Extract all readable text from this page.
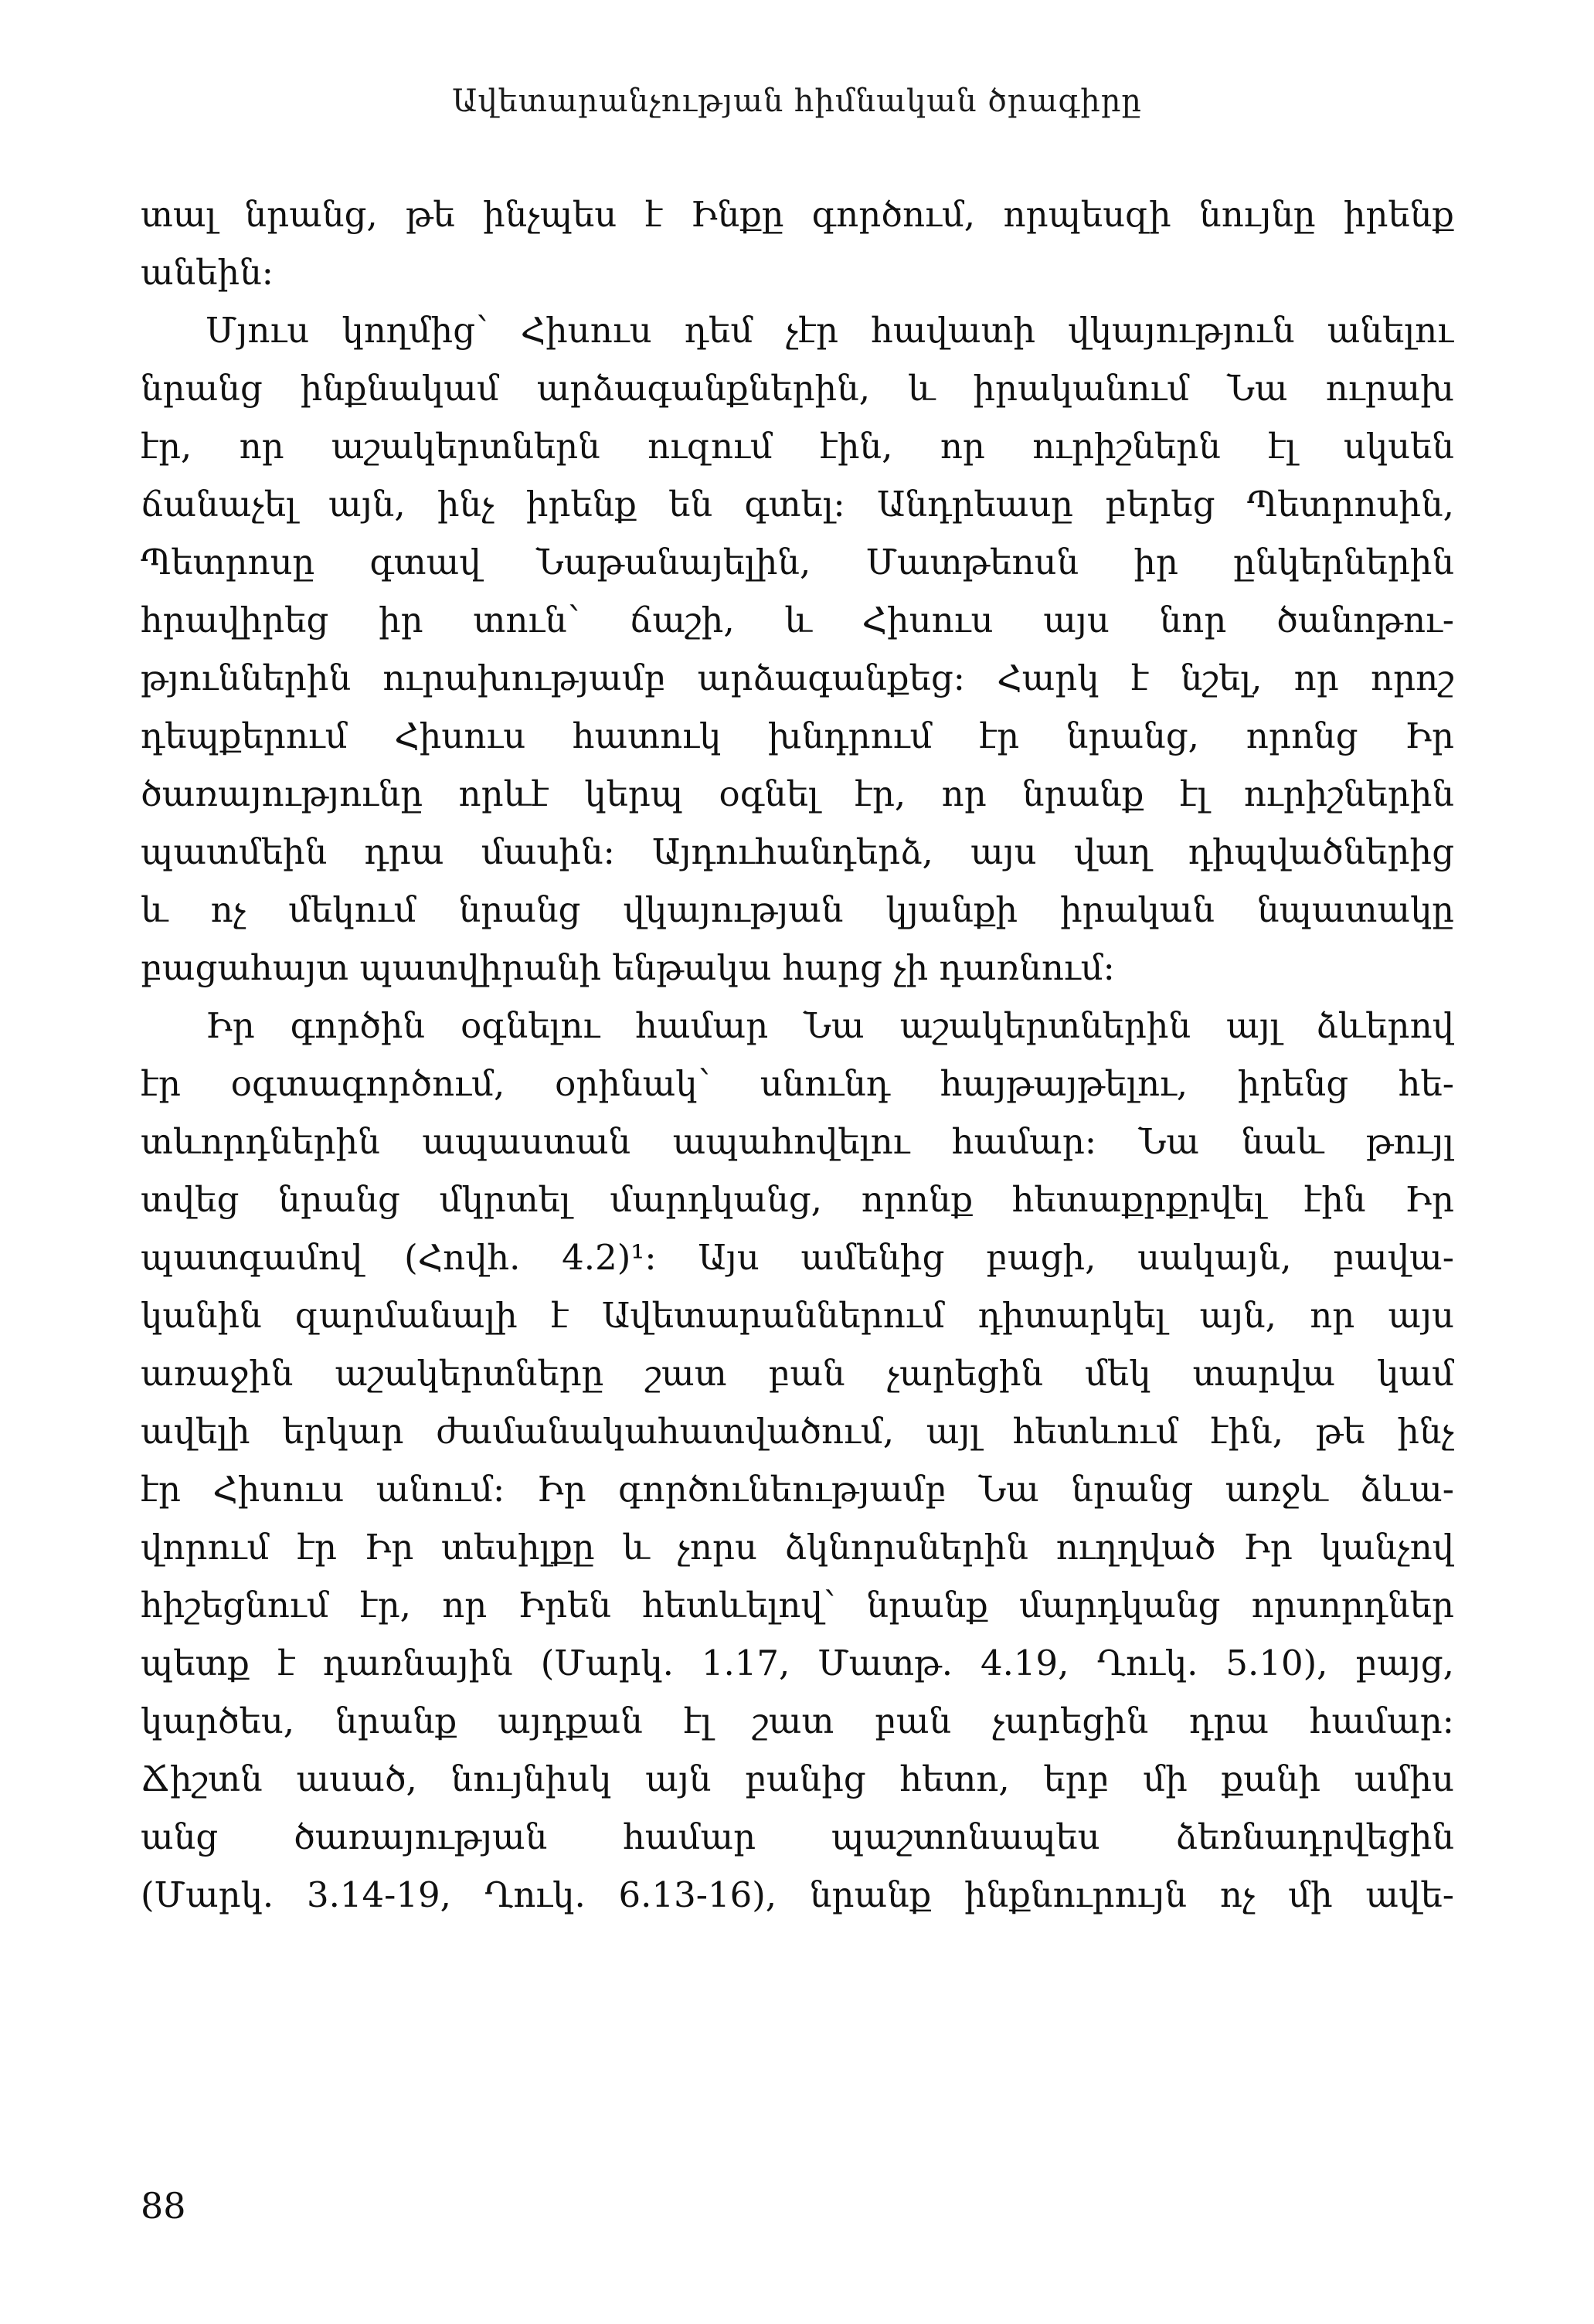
Ավետարանչության հիմնական ծրագիրը
տալ նրանց, թե ինչպես է Ինքը գործում, որպեսզի նույնը իրենք
անեին։
Մյուս կողմից՝ Հիսուս դեմ չէր հավատի վկայություն անելու
նրանց ինքնակամ արձագանքներին, և իրականում Նա ուրախ
էր, որ աշակերտներն ուզում էին, որ ուրիշներն էլ սկսեն
ճանաչել այն, ինչ իրենք են գտել։ Անդրեասը բերեց Պետրոսին,
Պետրոսը գտավ Նաթանայելին, Մատթեոսն իր ընկերներին
հրավիրեց իր տուն՝ ճաշի, և Հիսուս այս նոր ծանոթու-
թյուններին ուրախությամբ արձագանքեց։ Հարկ է նշել, որ որոշ
դեպքերում Հիսուս հատուկ խնդրում էր նրանց, որոնց Իր
ծառայությունը որևէ կերպ օգնել էր, որ նրանք էլ ուրիշներին
պատմեին դրա մասին։ Այդուհանդերձ, այս վաղ դիպվածներից
և ոչ մեկում նրանց վկայության կյանքի իրական նպատակը
բացահայտ պատվիրանի ենթակա հարց չի դառնում։
Իր գործին օգնելու համար Նա աշակերտներին այլ ձևերով
էր օգտագործում, օրինակ՝ սնունդ հայթայթելու, իրենց հե-
տևորդներին ապաստան ապահովելու համար։ Նա նաև թույլ
տվեց նրանց մկրտել մարդկանց, որոնք հետաքրքրվել էին Իր
պատգամով (Հովհ. 4.2)¹։ Այս ամենից բացի, սակայն, բավա-
կանին զարմանալի է Ավետարաններում դիտարկել այն, որ այս
առաջին աշակերտները շատ բան չարեցին մեկ տարվա կամ
ավելի երկար ժամանակահատվածում, այլ հետևում էին, թե ինչ
էր Հիսուս անում։ Իր գործունեությամբ Նա նրանց առջև ձևա-
վորում էր Իր տեսիլքը և չորս ձկնորսներին ուղղված Իր կանչով
հիշեցնում էր, որ Իրեն հետևելով՝ նրանք մարդկանց որսորդներ
պետք է դառնային (Մարկ. 1.17, Մատթ. 4.19, Ղուկ. 5.10), բայց,
կարծես, նրանք այդքան էլ շատ բան չարեցին դրա համար։
Ճիշտն ասած, նույնիսկ այն բանից հետո, երբ մի քանի ամիս
անց ծառայության համար պաշտոնապես ձեռնադրվեցին
(Մարկ. 3.14-19, Ղուկ. 6.13-16), նրանք ինքնուրույն ոչ մի ավե-
88
